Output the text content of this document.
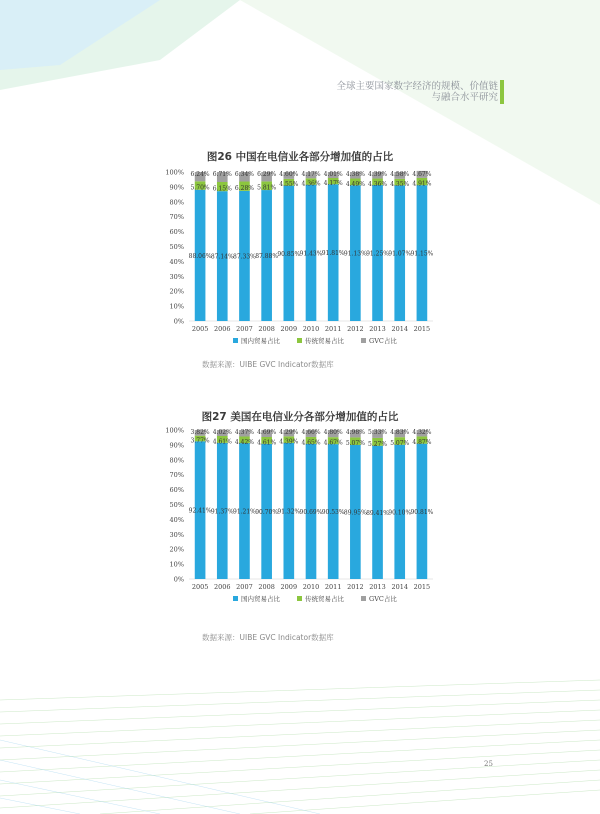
全球主要国家数字经济的规模、价值链
与融合水平研究
图26 中国在电信业各部分增加值的占比
0%
10%
20%
30%
40%
50%
60%
70%
80%
90%
100%
88.06%
5.70%
6.24%
2005
87.14%
6.15%
6.71%
2006
87.33%
6.28%
6.34%
2007
87.88%
5.81%
6.29%
2008
90.85%
4.55%
4.60%
2009
91.43%
4.36%
4.17%
2010
91.81%
4.17%
4.01%
2011
91.13%
4.49%
4.38%
2012
91.25%
4.36%
4.39%
2013
91.07%
4.35%
4.58%
2014
91.15%
4.91%
4.67%
2015
国内贸易占比	传统贸易占比	GVC占比
数据来源：UIBE GVC Indicator数据库
图27 美国在电信业分各部分增加值的占比
0%
10%
20%
30%
40%
50%
60%
70%
80%
90%
100%
92.41%
3.77%
3.82%
2005
91.37%
4.61%
4.02%
2006
91.21%
4.42%
4.37%
2007
90.70%
4.61%
4.69%
2008
91.32%
4.39%
4.29%
2009
90.69%
4.65%
4.66%
2010
90.53%
4.67%
4.80%
2011
89.95%
5.07%
4.98%
2012
89.41%
5.27%
5.33%
2013
90.10%
5.07%
4.83%
2014
90.81%
4.87%
4.32%
2015
国内贸易占比	传统贸易占比	GVC占比
数据来源：UIBE GVC Indicator数据库
25
